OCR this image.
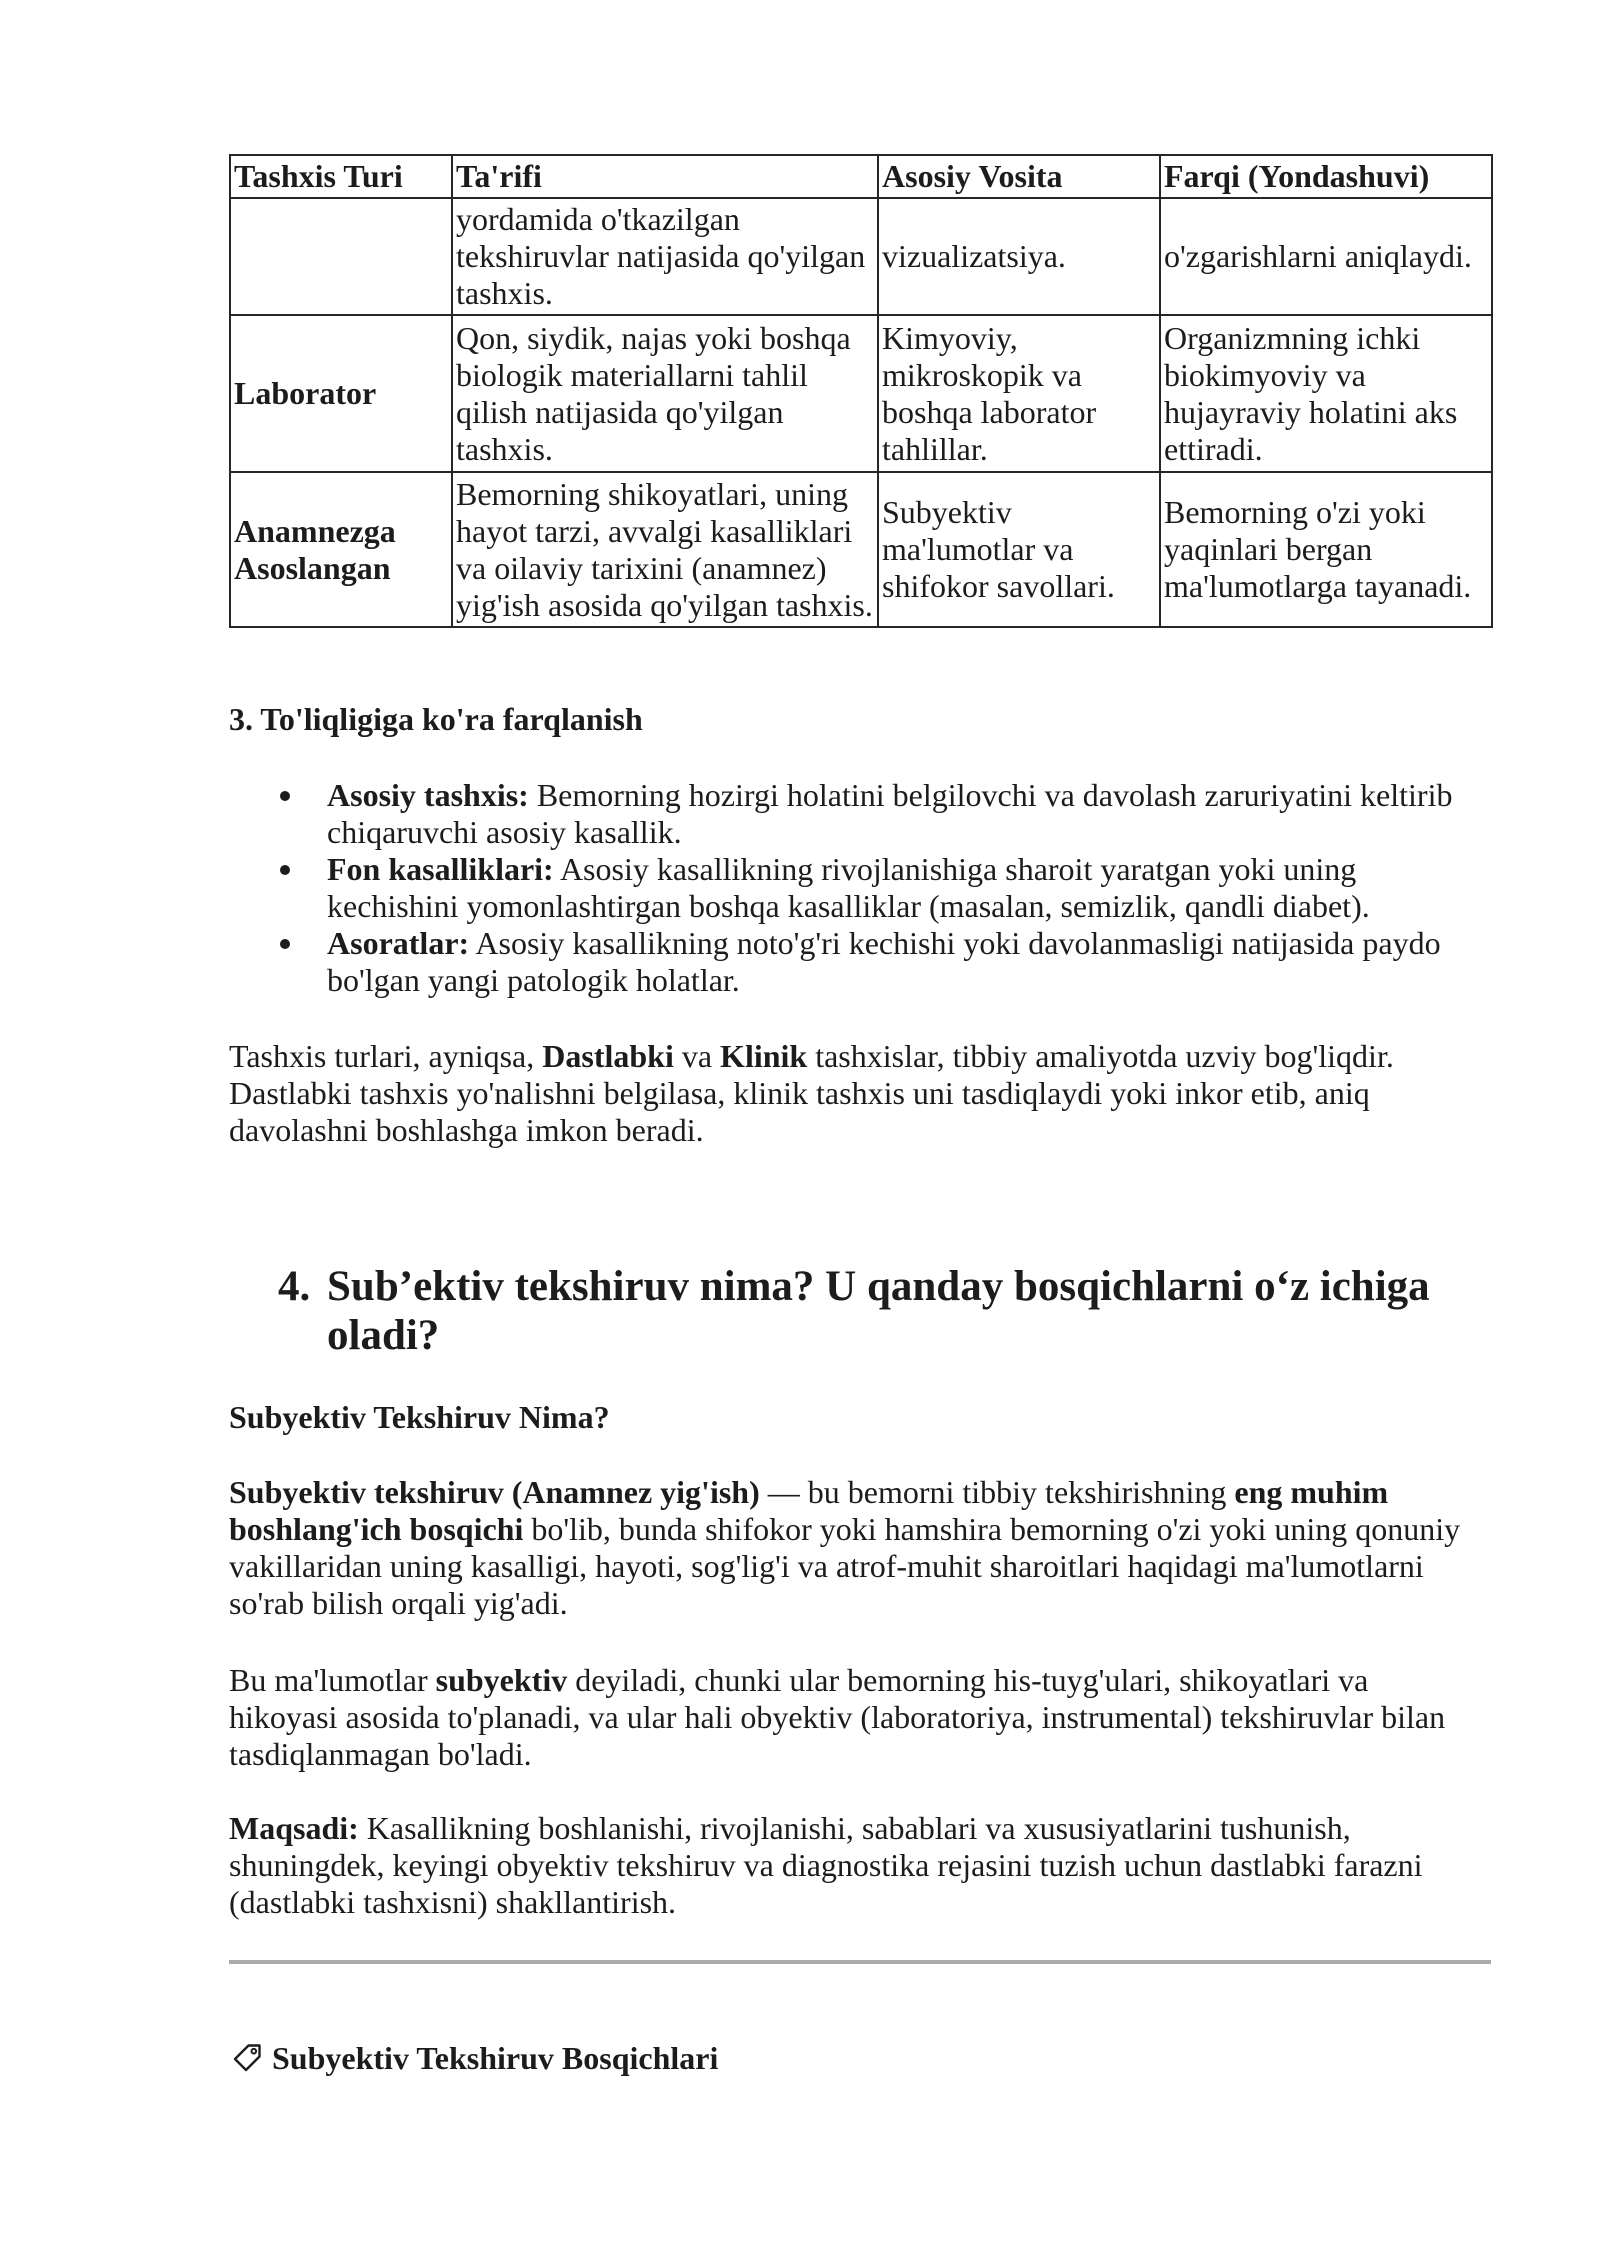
Tashxis Turi	Ta'rifi	Asosiy Vosita	Farqi (Yondashuvi)

	yordamida o'tkazilgan
tekshiruvlar natijasida qo'yilgan
tashxis.	vizualizatsiya.	o'zgarishlarni aniqlaydi.

Laborator	Qon, siydik, najas yoki boshqa
biologik materiallarni tahlil
qilish natijasida qo'yilgan
tashxis.	Kimyoviy,
mikroskopik va
boshqa laborator
tahlillar.	Organizmning ichki
biokimyoviy va
hujayraviy holatini aks
ettiradi.

Anamnezga
Asoslangan	Bemorning shikoyatlari, uning
hayot tarzi, avvalgi kasalliklari
va oilaviy tarixini (anamnez)
yig'ish asosida qo'yilgan tashxis.	Subyektiv
ma'lumotlar va
shifokor savollari.	Bemorning o'zi yoki
yaqinlari bergan
ma'lumotlarga tayanadi.
3. To'liqligiga ko'ra farqlanish
Asosiy tashxis: Bemorning hozirgi holatini belgilovchi va davolash zaruriyatini keltirib
chiqaruvchi asosiy kasallik.
Fon kasalliklari: Asosiy kasallikning rivojlanishiga sharoit yaratgan yoki uning
kechishini yomonlashtirgan boshqa kasalliklar (masalan, semizlik, qandli diabet).
Asoratlar: Asosiy kasallikning noto'g'ri kechishi yoki davolanmasligi natijasida paydo
bo'lgan yangi patologik holatlar.
Tashxis turlari, ayniqsa, Dastlabki va Klinik tashxislar, tibbiy amaliyotda uzviy bog'liqdir.
Dastlabki tashxis yo'nalishni belgilasa, klinik tashxis uni tasdiqlaydi yoki inkor etib, aniq
davolashni boshlashga imkon beradi.
4. Sub’ektiv tekshiruv nima? U qanday bosqichlarni o‘z ichiga
oladi?
Subyektiv Tekshiruv Nima?
Subyektiv tekshiruv (Anamnez yig'ish) — bu bemorni tibbiy tekshirishning eng muhim
boshlang'ich bosqichi bo'lib, bunda shifokor yoki hamshira bemorning o'zi yoki uning qonuniy
vakillaridan uning kasalligi, hayoti, sog'lig'i va atrof-muhit sharoitlari haqidagi ma'lumotlarni
so'rab bilish orqali yig'adi.
Bu ma'lumotlar subyektiv deyiladi, chunki ular bemorning his-tuyg'ulari, shikoyatlari va
hikoyasi asosida to'planadi, va ular hali obyektiv (laboratoriya, instrumental) tekshiruvlar bilan
tasdiqlanmagan bo'ladi.
Maqsadi: Kasallikning boshlanishi, rivojlanishi, sabablari va xususiyatlarini tushunish,
shuningdek, keyingi obyektiv tekshiruv va diagnostika rejasini tuzish uchun dastlabki farazni
(dastlabki tashxisni) shakllantirish.
Subyektiv Tekshiruv Bosqichlari
